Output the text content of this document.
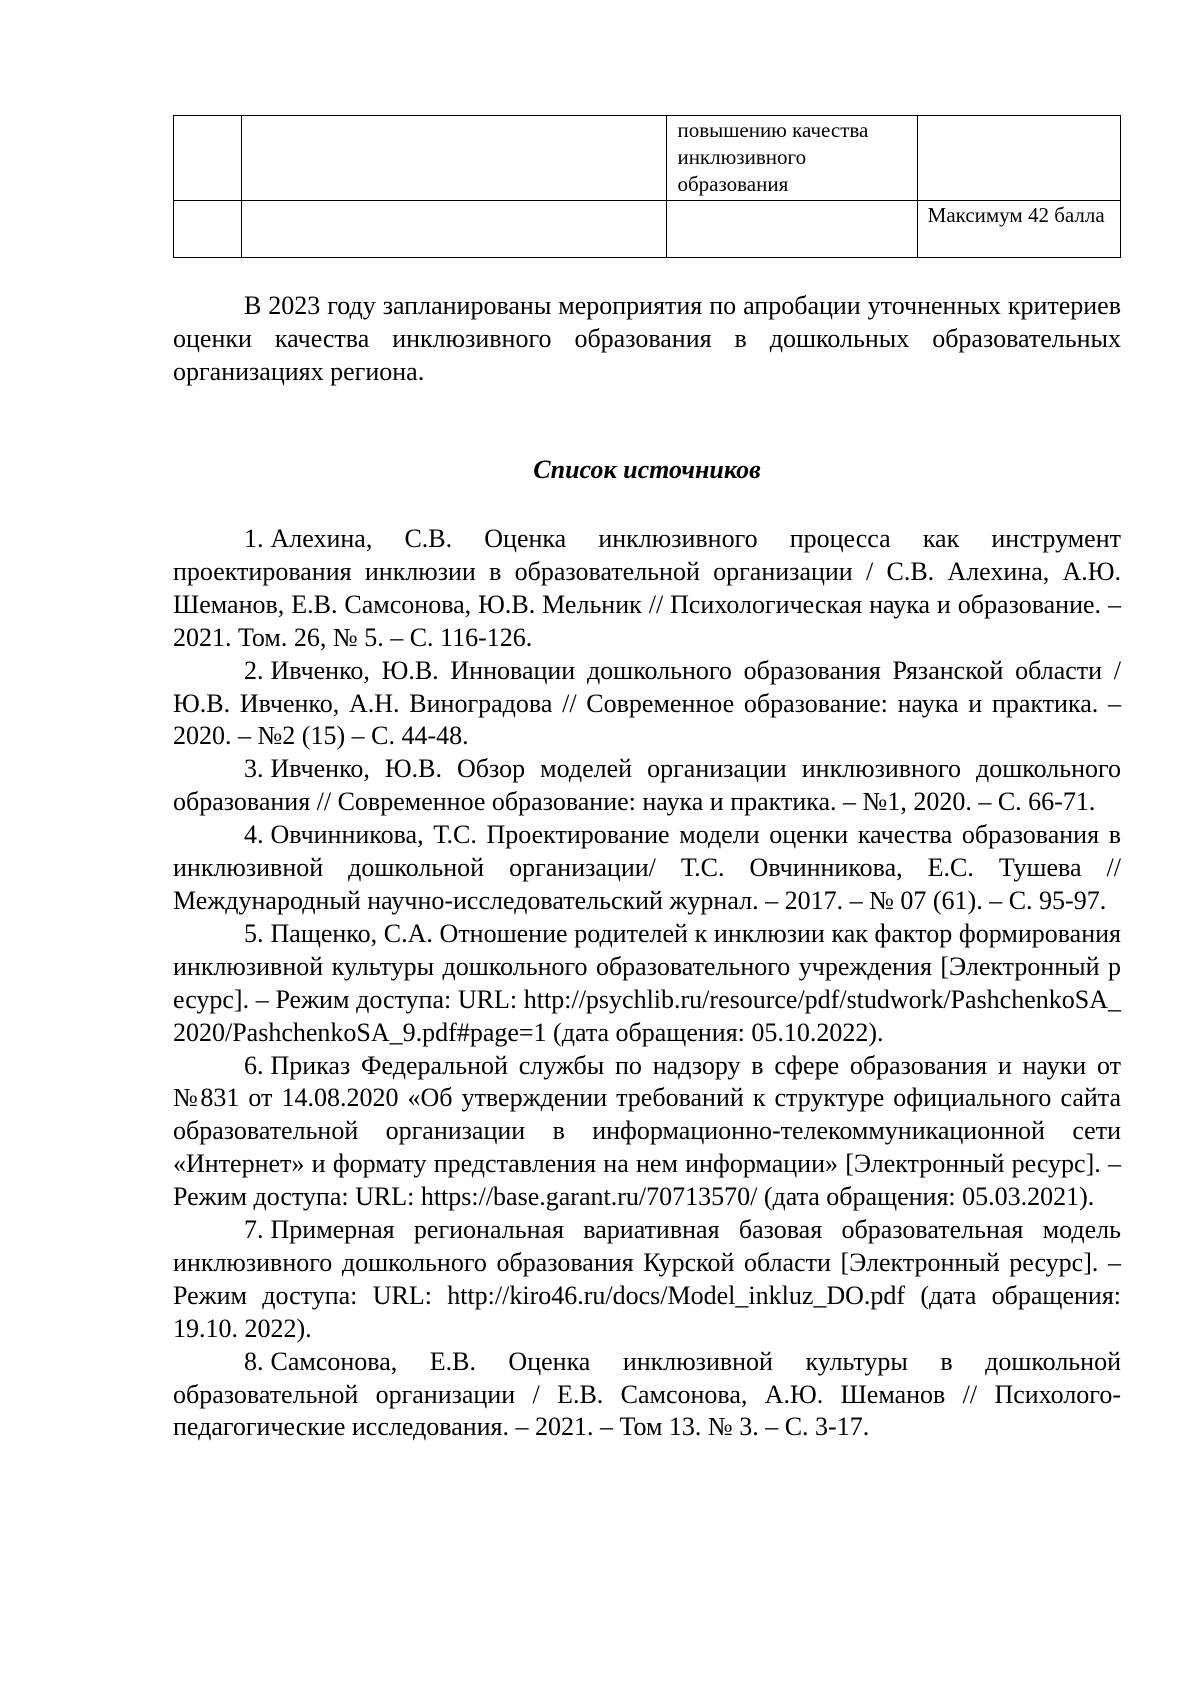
		повышению качества инклюзивного образования	
			Максимум 42 балла

В 2023 году запланированы мероприятия по апробации уточненных критериев оценки качества инклюзивного образования в дошкольных образовательных организациях региона.

Список источников
1. Алехина, С.В. Оценка инклюзивного процесса как инструмент проектирования инклюзии в образовательной организации / С.В. Алехина, А.Ю. Шеманов, Е.В. Самсонова, Ю.В. Мельник // Психологическая наука и образование. – 2021. Том. 26, № 5. – С. 116-126.
2. Ивченко, Ю.В. Инновации дошкольного образования Рязанской области / Ю.В. Ивченко, А.Н. Виноградова // Современное образование: наука и практика. – 2020. – №2 (15) – С. 44-48.
3. Ивченко, Ю.В. Обзор моделей организации инклюзивного дошкольного образования // Современное образование: наука и практика. – №1, 2020. – С. 66-71.
4. Овчинникова, Т.С. Проектирование модели оценки качества образования в инклюзивной дошкольной организации/ Т.С. Овчинникова, Е.С. Тушева // Международный научно-исследовательский журнал. – 2017. – № 07 (61). – С. 95-97.
5. Пащенко, С.А. Отношение родителей к инклюзии как фактор формирования инклюзивной культуры дошкольного образовательного учреждения [Электронный ресурс]. – Режим доступа: URL: http://psychlib.ru/resource/pdf/studwork/PashchenkoSA_2020/PashchenkoSA_9.pdf#page=1 (дата обращения: 05.10.2022).
6. Приказ Федеральной службы по надзору в сфере образования и науки от №831 от 14.08.2020 «Об утверждении требований к структуре официального сайта образовательной организации в информационно-телекоммуникационной сети «Интернет» и формату представления на нем информации» [Электронный ресурс]. – Режим доступа: URL: https://base.garant.ru/70713570/ (дата обращения: 05.03.2021).
7. Примерная региональная вариативная базовая образовательная модель инклюзивного дошкольного образования Курской области [Электронный ресурс]. – Режим доступа: URL: http://kiro46.ru/docs/Model_inkluz_DO.pdf (дата обращения: 19.10. 2022).
8. Самсонова, Е.В. Оценка инклюзивной культуры в дошкольной образовательной организации / Е.В. Самсонова, А.Ю. Шеманов // Психолого-педагогические исследования. – 2021. – Том 13. № 3. – С. 3-17.
